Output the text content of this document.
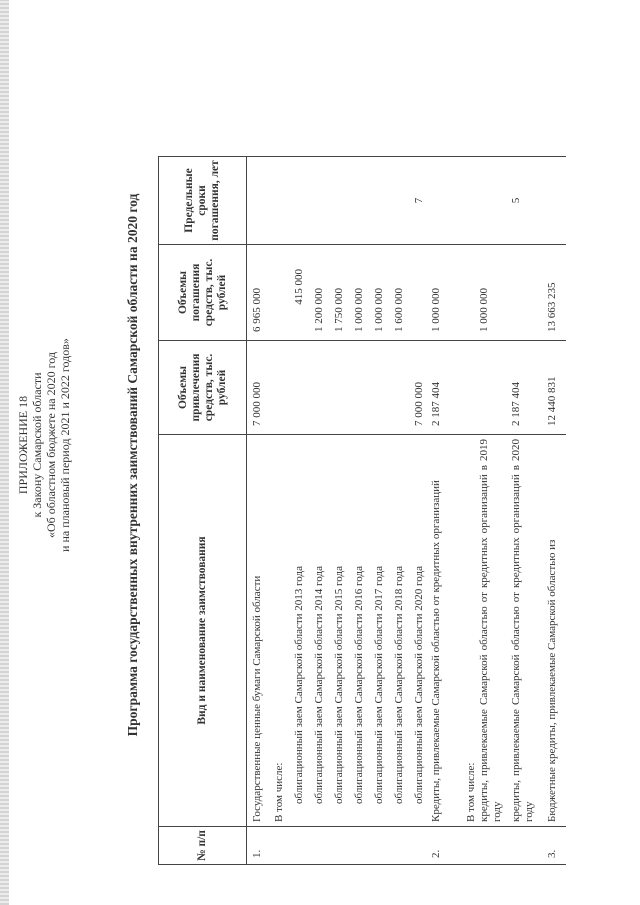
ПРИЛОЖЕНИЕ 18 к Закону Самарской области «Об областном бюджете на 2020 год и на плановый период 2021 и 2022 годов»	Программа государственных внутренних заимствований Самарской области на 2020 год
№ п/п	Вид и наименование заимствования	Объемы привлечения средств, тыс. рублей	Объемы погашения средств, тыс. рублей	Предельные сроки погашения, лет
1.	Государственные ценные бумаги Самарской области	7 000 000	6 965 000	
	В том числе:			
	облигационный заем Самарской области 2013 года		415 000	
	облигационный заем Самарской области 2014 года		1 200 000	
	облигационный заем Самарской области 2015 года		1 750 000	
	облигационный заем Самарской области 2016 года		1 000 000	
	облигационный заем Самарской области 2017 года		1 000 000	
	облигационный заем Самарской области 2018 года		1 600 000	
	облигационный заем Самарской области 2020 года	7 000 000		7
2.	Кредиты, привлекаемые Самарской областью от кредитных организаций	2 187 404	1 000 000	
	В том числе:			
	кредиты, привлекаемые Самарской областью от кредитных организаций в 2019 году		1 000 000	
	кредиты, привлекаемые Самарской областью от кредитных организаций в 2020 году	2 187 404		5
3.	Бюджетные кредиты, привлекаемые Самарской областью из	12 440 831	13 663 235	
